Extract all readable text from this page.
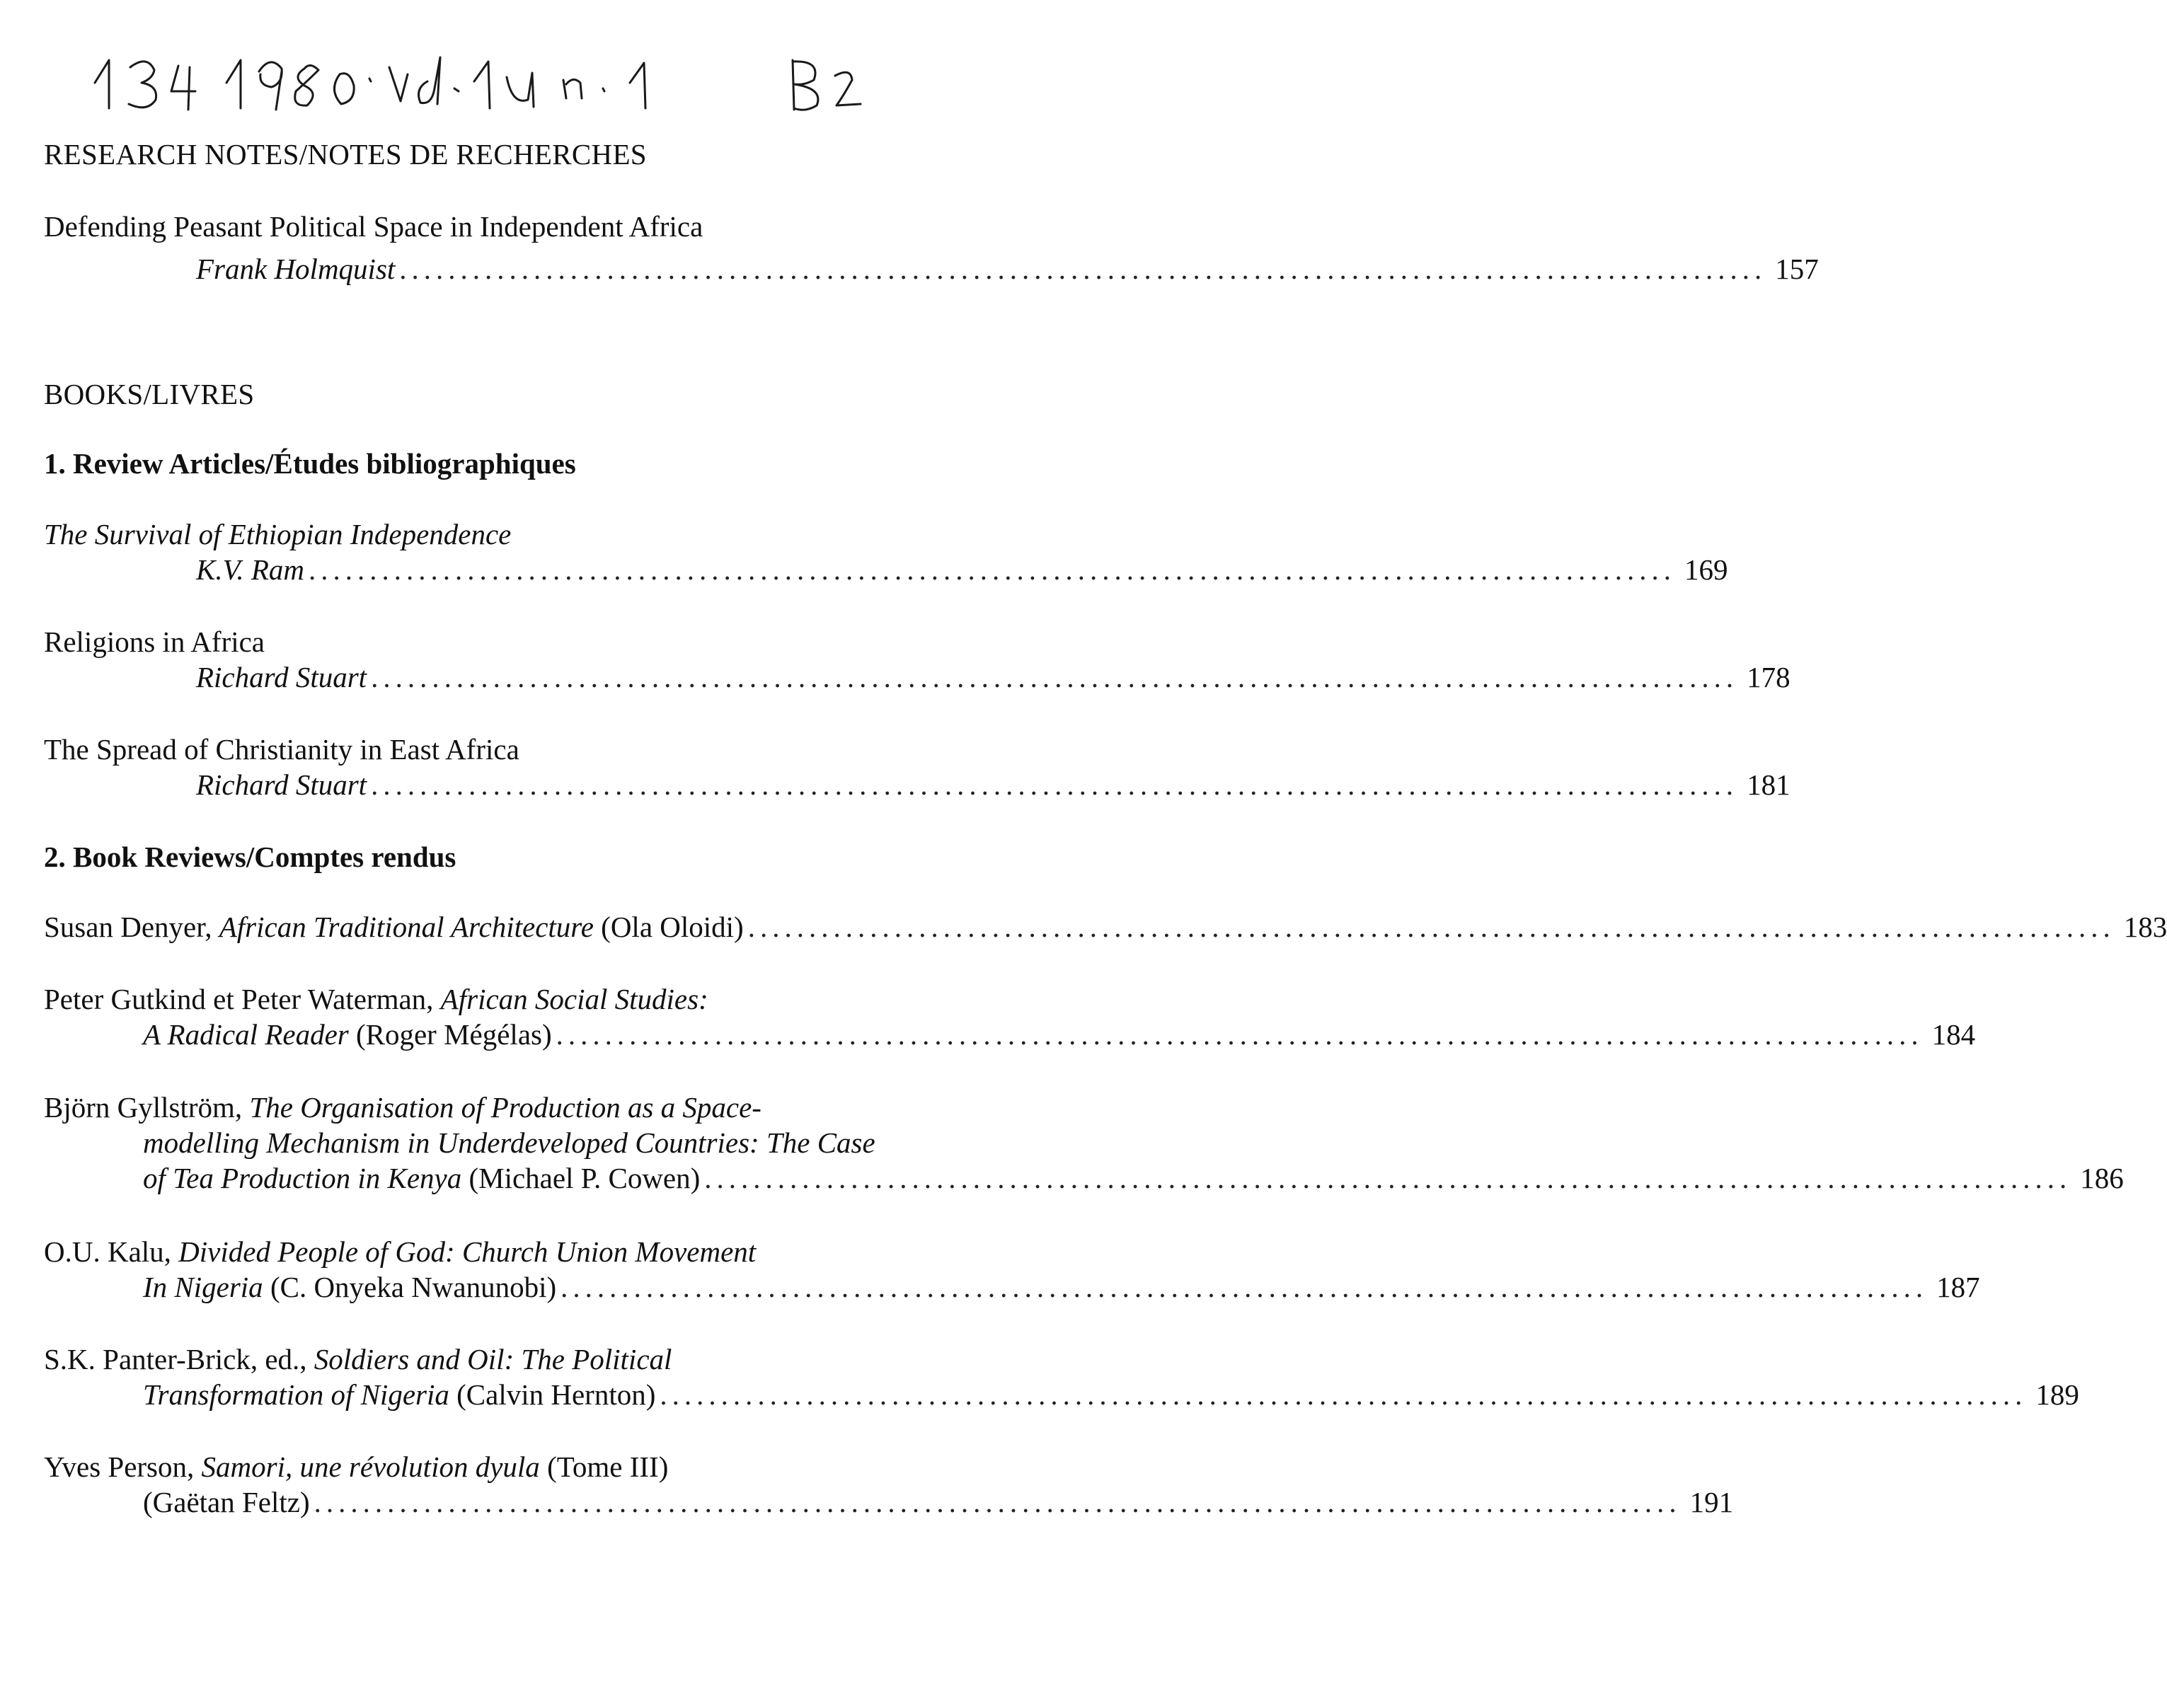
RESEARCH NOTES/NOTES DE RECHERCHES
Defending Peasant Political Space in Independent Africa
Frank Holmquist ................................................................................................................ 157
BOOKS/LIVRES
1. Review Articles/Études bibliographiques
The Survival of Ethiopian Independence
K.V. Ram ................................................................................................................ 169
Religions in Africa
Richard Stuart ................................................................................................................ 178
The Spread of Christianity in East Africa
Richard Stuart ................................................................................................................ 181
2. Book Reviews/Comptes rendus
Susan Denyer, African Traditional Architecture (Ola Oloidi) ................................................................................................................ 183
Peter Gutkind et Peter Waterman, African Social Studies:
A Radical Reader (Roger Mégélas) ................................................................................................................ 184
Björn Gyllström, The Organisation of Production as a Space-
modelling Mechanism in Underdeveloped Countries: The Case
of Tea Production in Kenya (Michael P. Cowen) ................................................................................................................ 186
O.U. Kalu, Divided People of God: Church Union Movement
In Nigeria (C. Onyeka Nwanunobi) ................................................................................................................ 187
S.K. Panter-Brick, ed., Soldiers and Oil: The Political
Transformation of Nigeria (Calvin Hernton) ................................................................................................................ 189
Yves Person, Samori, une révolution dyula (Tome III)
(Gaëtan Feltz) ................................................................................................................ 191
